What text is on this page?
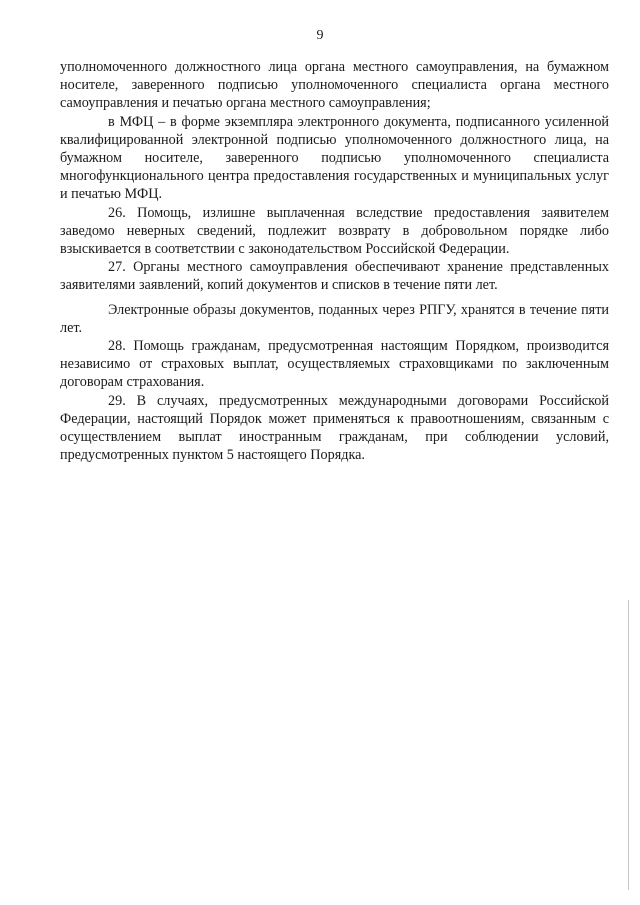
9

уполномоченного должностного лица органа местного самоуправления, на бумажном носителе, заверенного подписью уполномоченного специалиста органа местного самоуправления и печатью органа местного самоуправления;

в МФЦ – в форме экземпляра электронного документа, подписанного усиленной квалифицированной электронной подписью уполномоченного должностного лица, на бумажном носителе, заверенного подписью уполномоченного специалиста многофункционального центра предоставления государственных и муниципальных услуг и печатью МФЦ.

26. Помощь, излишне выплаченная вследствие предоставления заявителем заведомо неверных сведений, подлежит возврату в добровольном порядке либо взыскивается в соответствии с законодательством Российской Федерации.

27. Органы местного самоуправления обеспечивают хранение представленных заявителями заявлений, копий документов и списков в течение пяти лет.

Электронные образы документов, поданных через РПГУ, хранятся в течение пяти лет.

28. Помощь гражданам, предусмотренная настоящим Порядком, производится независимо от страховых выплат, осуществляемых страховщиками по заключенным договорам страхования.

29. В случаях, предусмотренных международными договорами Российской Федерации, настоящий Порядок может применяться к правоотношениям, связанным с осуществлением выплат иностранным гражданам, при соблюдении условий, предусмотренных пунктом 5 настоящего Порядка.
